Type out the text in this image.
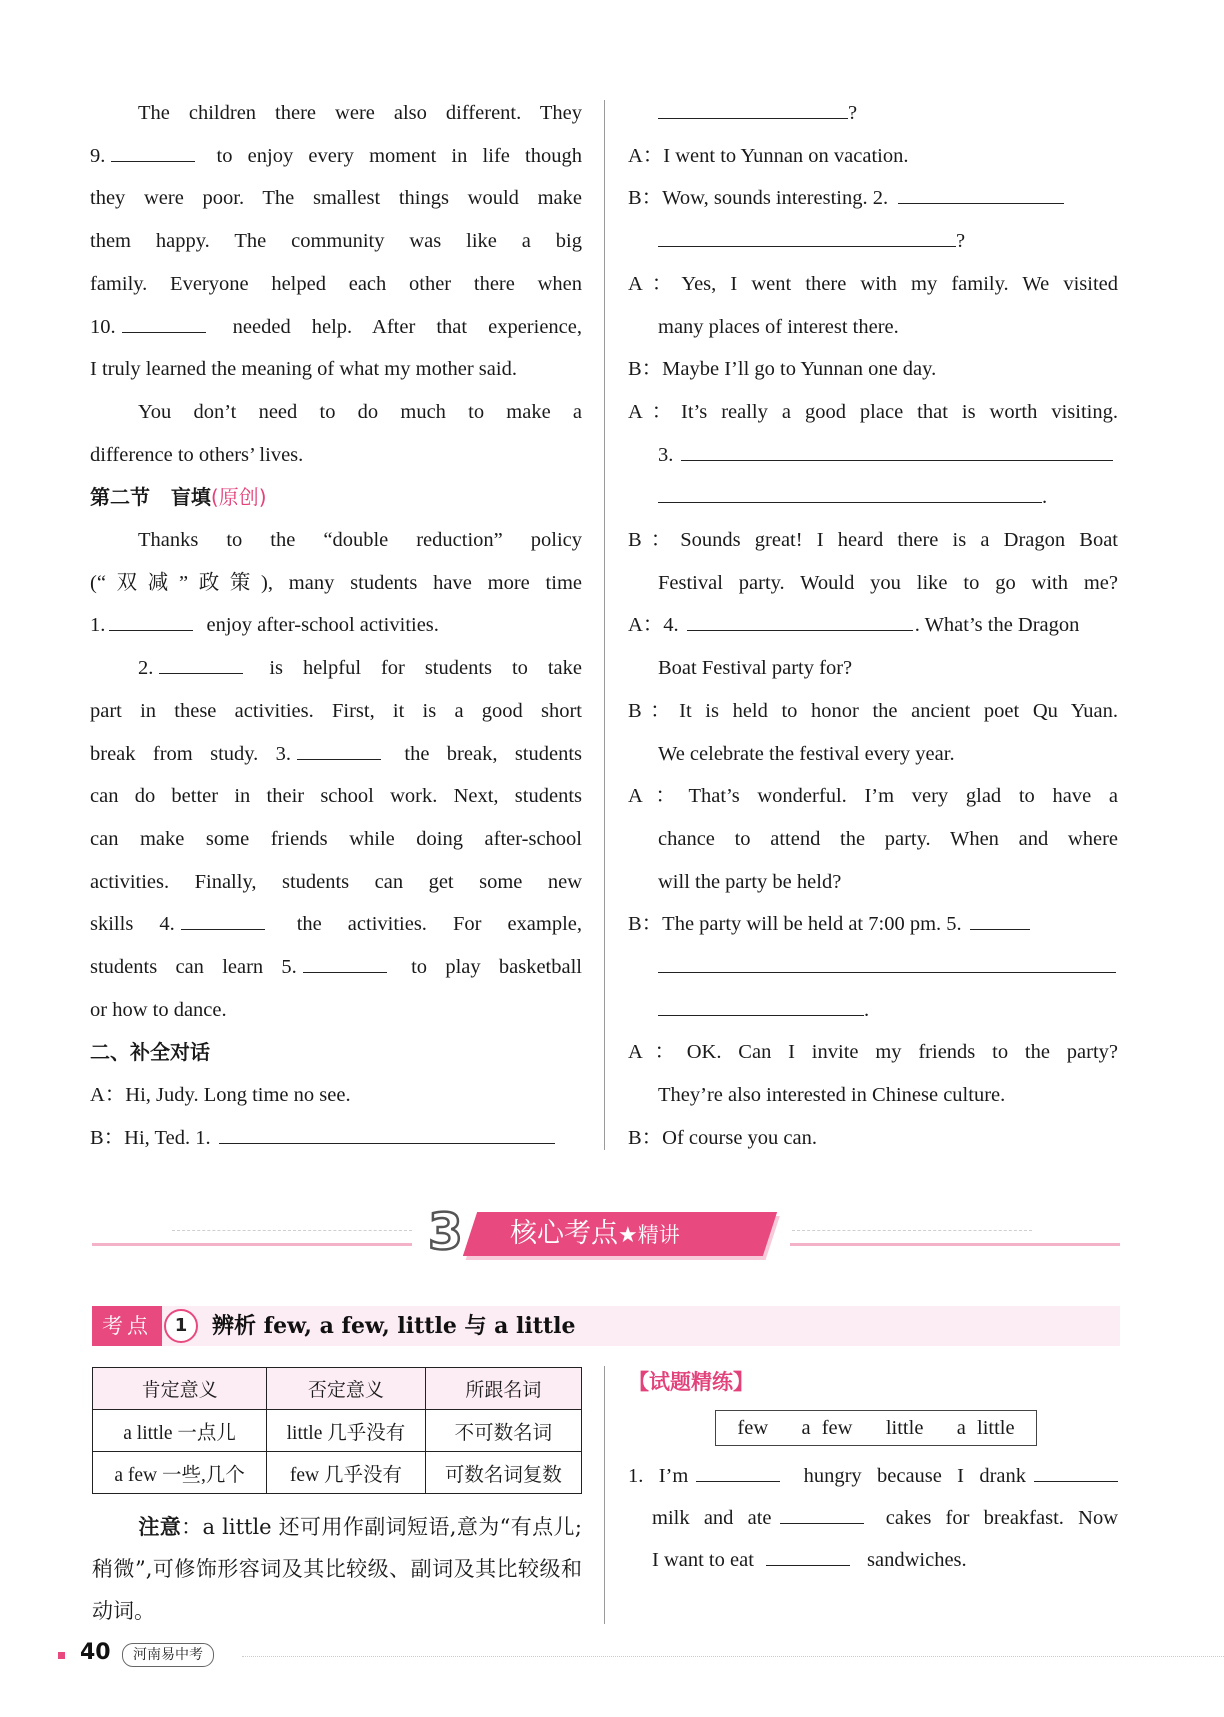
The children there were also different. They

9.	to enjoy every moment in life though

they were poor. The smallest things would make

them happy. The community was like a big

family. Everyone helped each other there when

10.	needed help. After that experience,

I truly learned the meaning of what my mother said.

You don’t need to do much to make a

difference to others’ lives.

第二节   盲填(原创)

Thanks to the “double reduction” policy

(“双减”政策), many students have more time

1.	enjoy after-school activities.

2.	is helpful for students to take

part in these activities. First, it is a good short

break from study. 3.	the break, students

can do better in their school work. Next, students

can make some friends while doing after-school

activities. Finally, students can get some new

skills 4.	the activities. For example,

students can learn 5.	to play basketball

or how to dance.

二、补全对话

A：Hi, Judy. Long time no see.

B：Hi, Ted. 1.

?

A：I went to Yunnan on vacation.

B：Wow, sounds interesting. 2.

?

A：Yes, I went there with my family. We visited

many places of interest there.

B：Maybe I’ll go to Yunnan one day.

A：It’s really a good place that is worth visiting.

3.

.

B：Sounds great! I heard there is a Dragon Boat

Festival party. Would you like to go with me?

A：4.	. What’s the Dragon

Boat Festival party for?

B：It is held to honor the ancient poet Qu Yuan.

We celebrate the festival every year.

A：That’s wonderful. I’m very glad to have a

chance to attend the party. When and where

will the party be held?

B：The party will be held at 7:00 pm. 5.

.

A：OK. Can I invite my friends to the party?

They’re also interested in Chinese culture.

B：Of course you can.

3 核心考点★精讲
考点	1	辨析 few, a few, little 与 a little
肯定意义	否定意义	所跟名词
a little 一点儿	little 几乎没有	不可数名词
a few 一些,几个	few 几乎没有	可数名词复数
注意：a little 还可用作副词短语,意为“有点儿;稍微”,可修饰形容词及其比较级、副词及其比较级和动词。
【试题精练】
few   a few   little   a little

1. I’m	hungry because I drank

milk and ate	cakes for breakfast. Now

I want to eat	sandwiches.

40	河南易中考
